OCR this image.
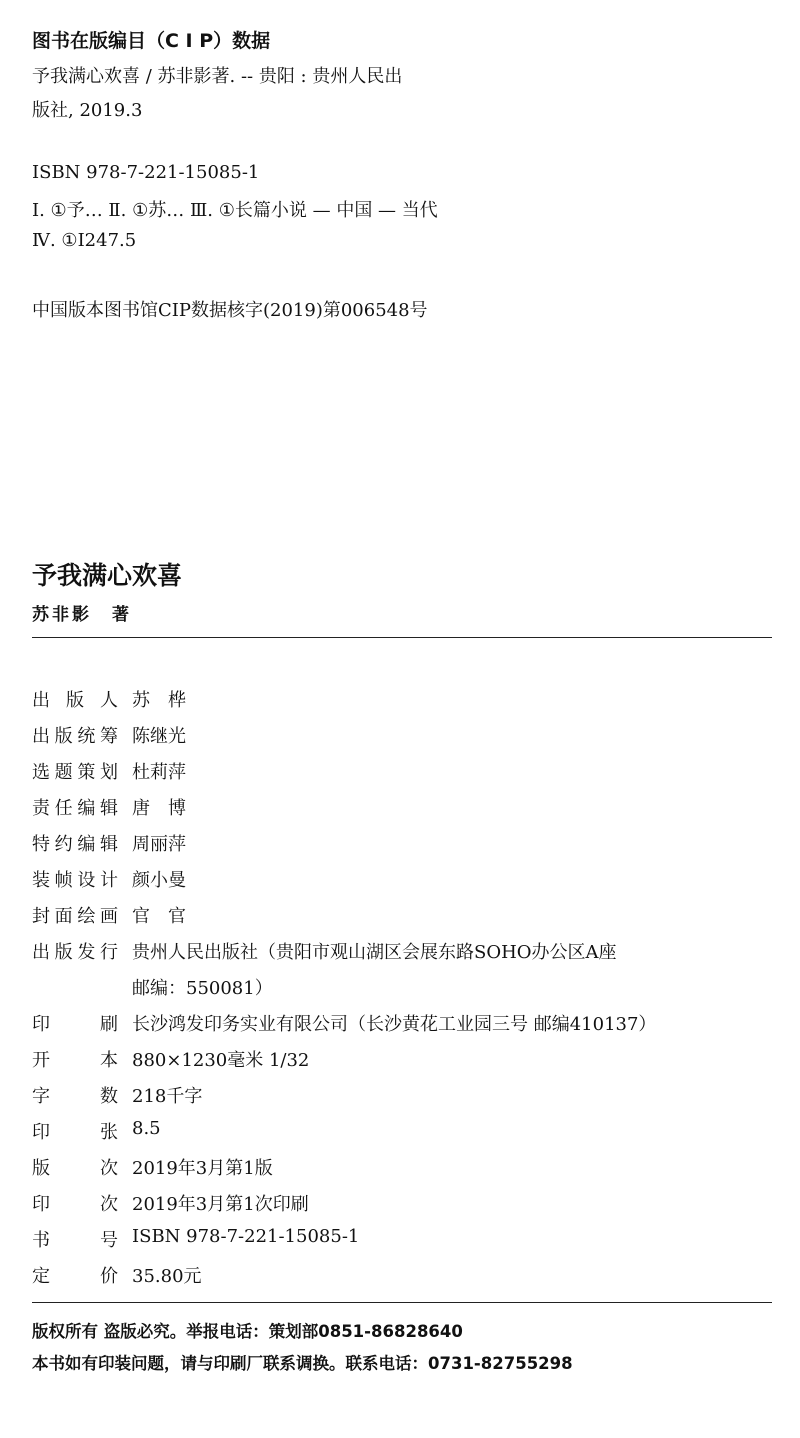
图书在版编目（C I P）数据
予我满心欢喜 / 苏非影著. -- 贵阳 : 贵州人民出
版社, 2019.3
ISBN 978-7-221-15085-1
Ⅰ. ①予… Ⅱ. ①苏… Ⅲ. ①长篇小说 — 中国 — 当代
Ⅳ. ①I247.5
中国版本图书馆CIP数据核字(2019)第006548号
予我满心欢喜
苏非影　著
出 版 人 苏　桦
出 版 统 筹 陈继光
选 题 策 划 杜莉萍
责 任 编 辑 唐　博
特 约 编 辑 周丽萍
装 帧 设 计 颜小曼
封 面 绘 画 官　官
出 版 发 行 贵州人民出版社（贵阳市观山湖区会展东路SOHO办公区A座
邮编：550081）
印	刷 长沙鸿发印务实业有限公司（长沙黄花工业园三号 邮编410137）
开	本 880×1230毫米 1/32
字	数 218千字
印	张 8.5
版	次 2019年3月第1版
印	次 2019年3月第1次印刷
书	号 ISBN 978-7-221-15085-1
定	价 35.80元
版权所有 盗版必究。举报电话：策划部0851-86828640
本书如有印装问题，请与印刷厂联系调换。联系电话：0731-82755298
